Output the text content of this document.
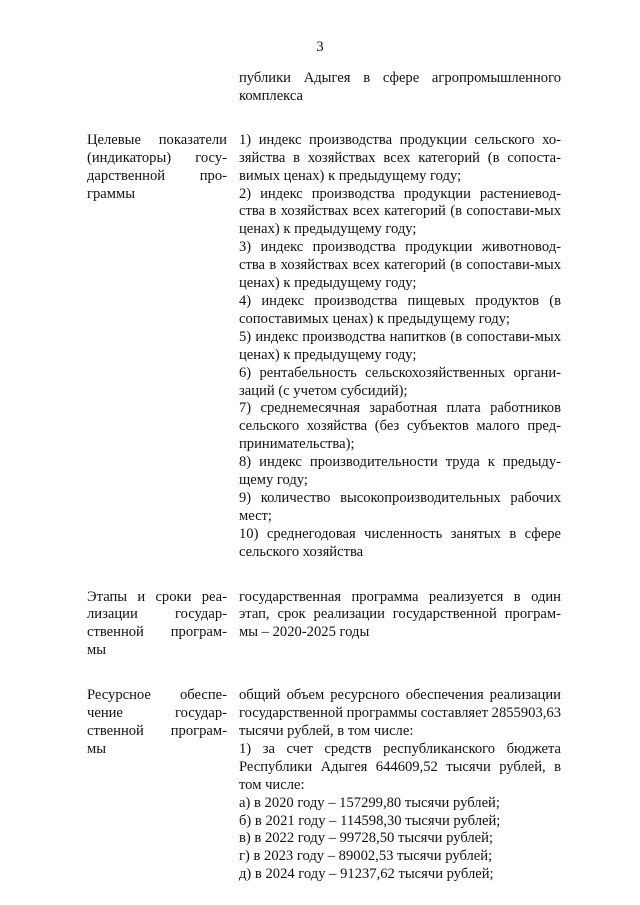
3

публики Адыгея в сфере агропромышленного

комплекса

Целевые показатели
(индикаторы) госу-
дарственной про-
граммы

1) индекс производства продукции сельского хо-зяйства в хозяйствах всех категорий (в сопоста-вимых ценах) к предыдущему году;

2) индекс производства продукции растениевод-ства в хозяйствах всех категорий (в сопостави-мых ценах) к предыдущему году;

3) индекс производства продукции животновод-ства в хозяйствах всех категорий (в сопостави-мых ценах) к предыдущему году;

4) индекс производства пищевых продуктов (в сопоставимых ценах) к предыдущему году;

5) индекс производства напитков (в сопостави-мых ценах) к предыдущему году;

6) рентабельность сельскохозяйственных органи-заций (с учетом субсидий);

7) среднемесячная заработная плата работников сельского хозяйства (без субъектов малого пред-принимательства);

8) индекс производительности труда к предыду-щему году;

9) количество высокопроизводительных рабочих мест;

10) среднегодовая численность занятых в сфере сельского хозяйства

Этапы и сроки реа-
лизации государ-
ственной програм-
мы

государственная программа реализуется в один этап, срок реализации государственной програм-мы – 2020-2025 годы

Ресурсное обеспе-
чение государ-
ственной програм-
мы

общий объем ресурсного обеспечения реализации государственной программы составляет 2855903,63 тысячи рублей, в том числе:

1) за счет средств республиканского бюджета Республики Адыгея 644609,52 тысячи рублей, в том числе:

а) в 2020 году – 157299,80 тысячи рублей;

б) в 2021 году – 114598,30 тысячи рублей;

в) в 2022 году – 99728,50 тысячи рублей;

г) в 2023 году – 89002,53 тысячи рублей;

д) в 2024 году – 91237,62 тысячи рублей;
